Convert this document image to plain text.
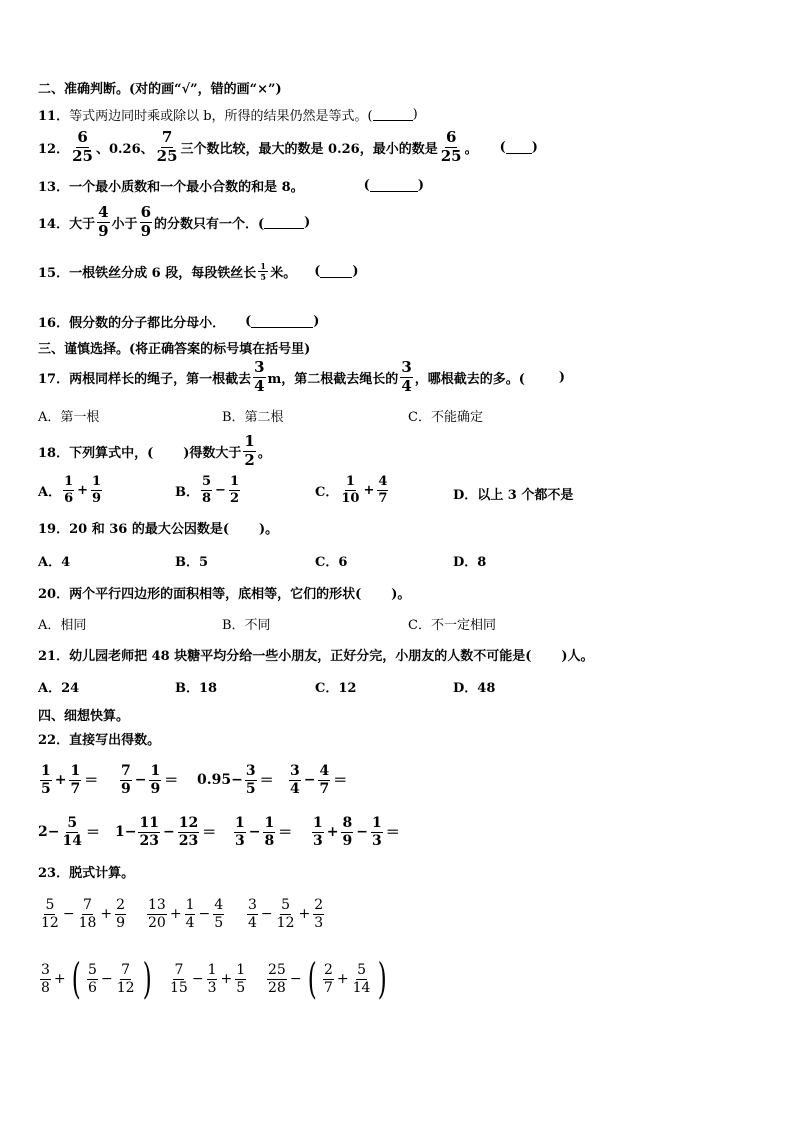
二、准确判断。(对的画“√”，错的画“×”)
11． 等式两边同时乘或除以 b，所得的结果仍然是等式。(	)
12． $\frac{6}{25}$ 、0.26、 $\frac{7}{25}$ 三个数比较，最大的数是 0.26，最小的数是 $\frac{6}{25}$ 。 ( )
13． 一个最小质数和一个最小合数的和是 8。	(	)
14． 大于 $\frac{4}{9}$ 小于 $\frac{6}{9}$ 的分数只有一个．(	)
15． 一根铁丝分成 6 段，每段铁丝长 $\frac{1}{5}$ 米。 ( )
16． 假分数的分子都比分母小． (	)
三、谨慎选择。(将正确答案的标号填在括号里)
17． 两根同样长的绳子，第一根截去 $\frac{3}{4}$ m，第二根截去绳长的 $\frac{3}{4}$ ，哪根截去的多。(	)
A．第一根	B．第二根	C．不能确定
18． 下列算式中，( )得数大于 $\frac{1}{2}$ 。
A． $\frac{1}{6} + \frac{1}{9}$	B． $\frac{5}{8} - \frac{1}{2}$	C． $\frac{1}{10} + \frac{4}{7}$	D．以上 3 个都不是
19． 20 和 36 的最大公因数是( )。
A．4	B．5	C．6	D．8
20． 两个平行四边形的面积相等，底相等，它们的形状( )。
A．相同	B．不同	C．不一定相同
21． 幼儿园老师把 48 块糖平均分给一些小朋友，正好分完，小朋友的人数不可能是( )人。
A．24	B．18	C．12	D．48
四、细想快算。
22． 直接写出得数。
$\frac{1}{5} + \frac{1}{7} = \frac{7}{9} - \frac{1}{9} = 0.95- \frac{3}{5} = \frac{3}{4} - \frac{4}{7}$ ＝
$2- \frac{5}{14} = 1- \frac{11}{23} - \frac{12}{23} = \frac{1}{3} - \frac{1}{8} = \frac{1}{3} + \frac{8}{9} - \frac{1}{3}$ ＝
23． 脱式计算。
$\frac{5}{12} - \frac{7}{18} + \frac{2}{9} \frac{13}{20} + \frac{1}{4} - \frac{4}{5} \frac{3}{4} - \frac{5}{12} + \frac{2}{3}$
$\frac{3}{8}$ + ( $\frac{5}{6} - \frac{7}{12}$ ) $\frac{7}{15} - \frac{1}{3} + \frac{1}{5} \frac{25}{28}$ − ( $\frac{2}{7} + \frac{5}{14}$ )
